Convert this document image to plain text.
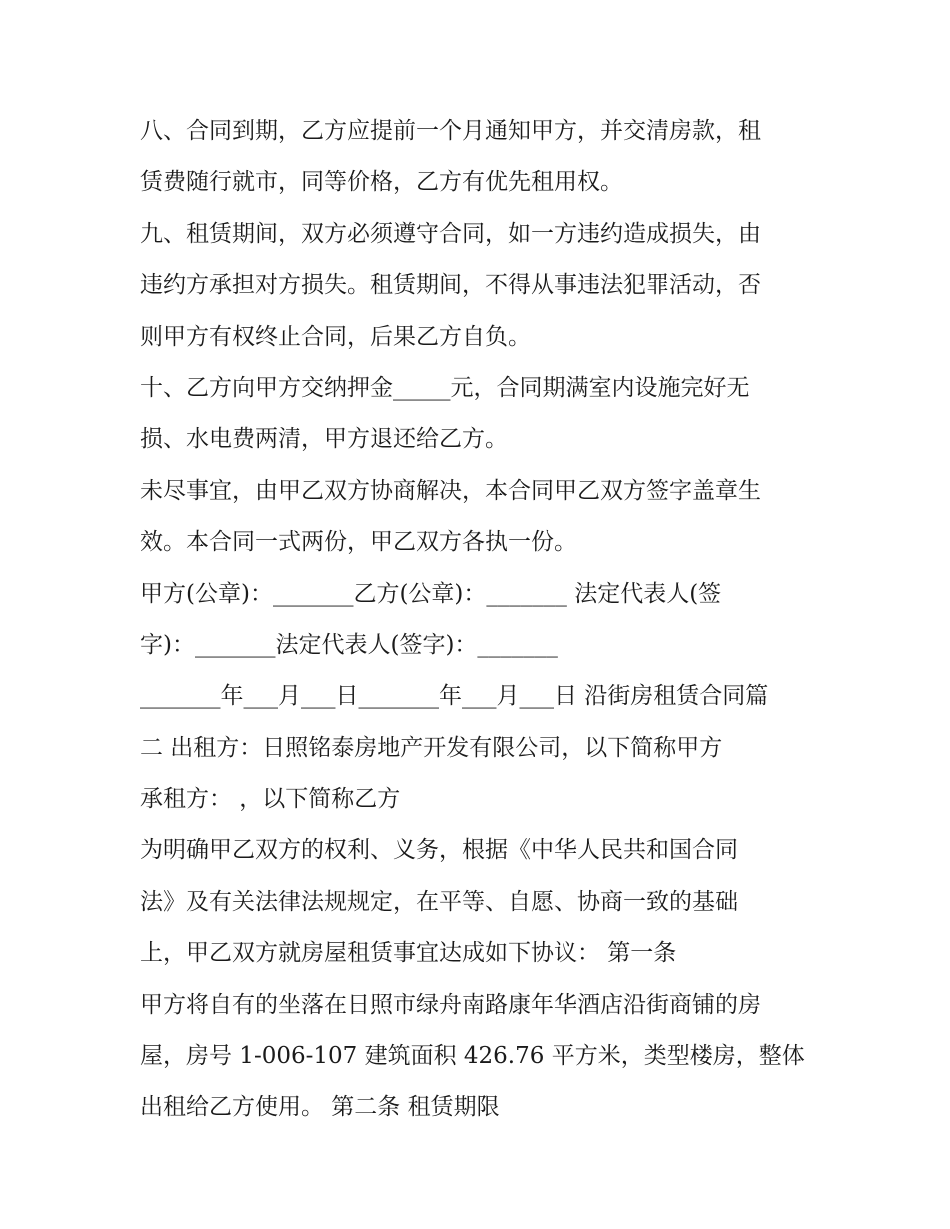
八、合同到期，乙方应提前一个月通知甲方，并交清房款，租
赁费随行就市，同等价格，乙方有优先租用权。
九、租赁期间，双方必须遵守合同，如一方违约造成损失，由
违约方承担对方损失。租赁期间，不得从事违法犯罪活动，否
则甲方有权终止合同，后果乙方自负。
十、乙方向甲方交纳押金_____元，合同期满室内设施完好无
损、水电费两清，甲方退还给乙方。
未尽事宜，由甲乙双方协商解决，本合同甲乙双方签字盖章生
效。本合同一式两份，甲乙双方各执一份。
甲方(公章)：_______乙方(公章)：_______ 法定代表人(签
字)：_______法定代表人(签字)：_______
_______年___月___日_______年___月___日 沿街房租赁合同篇
二 出租方：日照铭泰房地产开发有限公司，以下简称甲方
承租方： ，以下简称乙方
为明确甲乙双方的权利、义务，根据《中华人民共和国合同
法》及有关法律法规规定，在平等、自愿、协商一致的基础
上，甲乙双方就房屋租赁事宜达成如下协议： 第一条
甲方将自有的坐落在日照市绿舟南路康年华酒店沿街商铺的房
屋，房号 1-006-107 建筑面积 426.76 平方米，类型楼房，整体
出租给乙方使用。 第二条 租赁期限
